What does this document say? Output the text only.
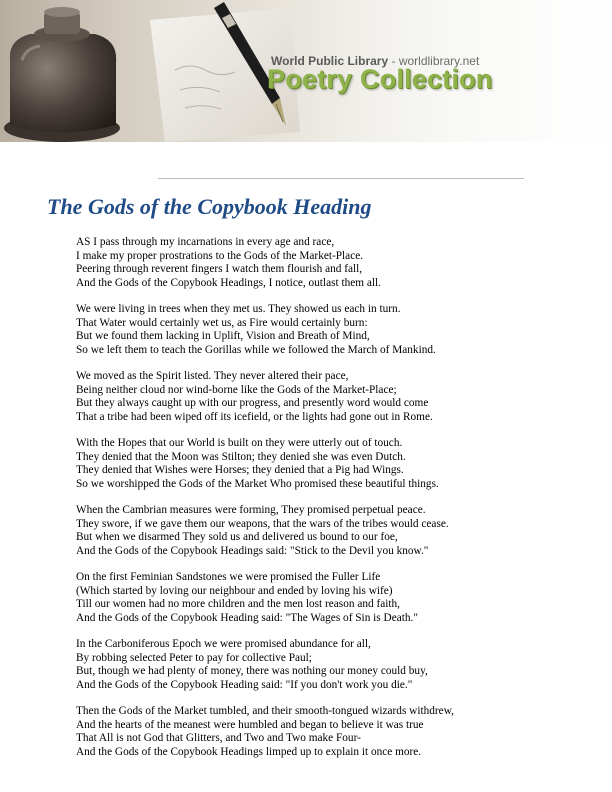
World Public Library - worldlibrary.net
Poetry Collection
The Gods of the Copybook Heading
AS I pass through my incarnations in every age and race,
I make my proper prostrations to the Gods of the Market-Place.
Peering through reverent fingers I watch them flourish and fall,
And the Gods of the Copybook Headings, I notice, outlast them all.
We were living in trees when they met us. They showed us each in turn.
That Water would certainly wet us, as Fire would certainly burn:
But we found them lacking in Uplift, Vision and Breath of Mind,
So we left them to teach the Gorillas while we followed the March of Mankind.
We moved as the Spirit listed. They never altered their pace,
Being neither cloud nor wind-borne like the Gods of the Market-Place;
But they always caught up with our progress, and presently word would come
That a tribe had been wiped off its icefield, or the lights had gone out in Rome.
With the Hopes that our World is built on they were utterly out of touch.
They denied that the Moon was Stilton; they denied she was even Dutch.
They denied that Wishes were Horses; they denied that a Pig had Wings.
So we worshipped the Gods of the Market Who promised these beautiful things.
When the Cambrian measures were forming, They promised perpetual peace.
They swore, if we gave them our weapons, that the wars of the tribes would cease.
But when we disarmed They sold us and delivered us bound to our foe,
And the Gods of the Copybook Headings said: "Stick to the Devil you know."
On the first Feminian Sandstones we were promised the Fuller Life
(Which started by loving our neighbour and ended by loving his wife)
Till our women had no more children and the men lost reason and faith,
And the Gods of the Copybook Heading said: "The Wages of Sin is Death."
In the Carboniferous Epoch we were promised abundance for all,
By robbing selected Peter to pay for collective Paul;
But, though we had plenty of money, there was nothing our money could buy,
And the Gods of the Copybook Heading said: "If you don't work you die."
Then the Gods of the Market tumbled, and their smooth-tongued wizards withdrew,
And the hearts of the meanest were humbled and began to believe it was true
That All is not God that Glitters, and Two and Two make Four-
And the Gods of the Copybook Headings limped up to explain it once more.
